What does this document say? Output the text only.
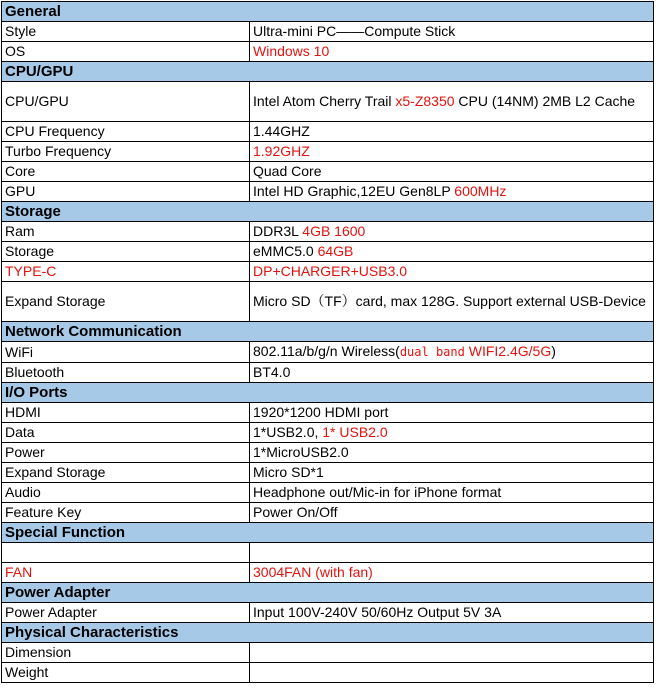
General	
Style	Ultra-mini PC——Compute Stick
OS	Windows 10
CPU/GPU	
CPU/GPU	Intel Atom Cherry Trail x5-Z8350 CPU (14NM) 2MB L2 Cache
CPU Frequency	1.44GHZ
Turbo Frequency	1.92GHZ
Core	Quad Core
GPU	Intel HD Graphic,12EU Gen8LP 600MHz
Storage	
Ram	DDR3L 4GB 1600
Storage	eMMC5.0 64GB
TYPE-C	DP+CHARGER+USB3.0
Expand Storage	Micro SD（TF）card, max 128G. Support external USB-Device
Network Communication	
WiFi	802.11a/b/g/n Wireless(dual band WIFI2.4G/5G)
Bluetooth	BT4.0
I/O Ports	
HDMI	1920*1200 HDMI port
Data	1*USB2.0, 1* USB2.0
Power	1*MicroUSB2.0
Expand Storage	Micro SD*1
Audio	Headphone out/Mic-in for iPhone format
Feature Key	Power On/Off
Special Function	

FAN	3004FAN (with fan)
Power Adapter	
Power Adapter	Input 100V-240V 50/60Hz Output 5V 3A
Physical Characteristics	
Dimension	
Weight	
